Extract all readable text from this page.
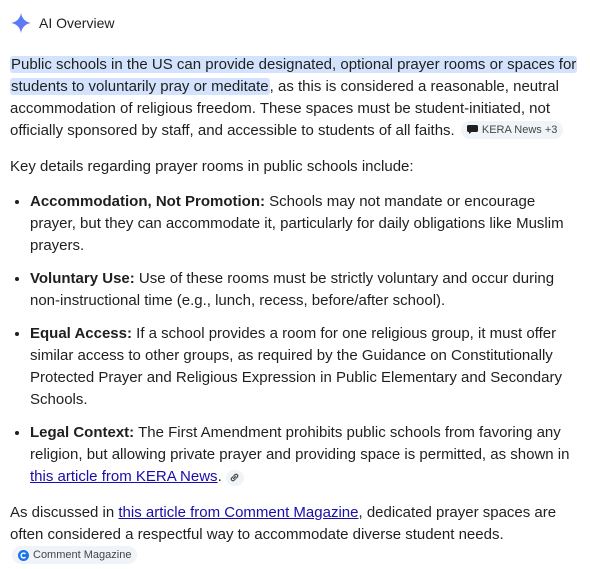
AI Overview

Public schools in the US can provide designated, optional prayer rooms or spaces for students to voluntarily pray or meditate, as this is considered a reasonable, neutral accommodation of religious freedom. These spaces must be student-initiated, not officially sponsored by staff, and accessible to students of all faiths. KERA News +3

Key details regarding prayer rooms in public schools include:

• Accommodation, Not Promotion: Schools may not mandate or encourage prayer, but they can accommodate it, particularly for daily obligations like Muslim prayers.
• Voluntary Use: Use of these rooms must be strictly voluntary and occur during non-instructional time (e.g., lunch, recess, before/after school).
• Equal Access: If a school provides a room for one religious group, it must offer similar access to other groups, as required by the Guidance on Constitutionally Protected Prayer and Religious Expression in Public Elementary and Secondary Schools.
• Legal Context: The First Amendment prohibits public schools from favoring any religion, but allowing private prayer and providing space is permitted, as shown in this article from KERA News.

As discussed in this article from Comment Magazine, dedicated prayer spaces are often considered a respectful way to accommodate diverse student needs.
Comment Magazine
